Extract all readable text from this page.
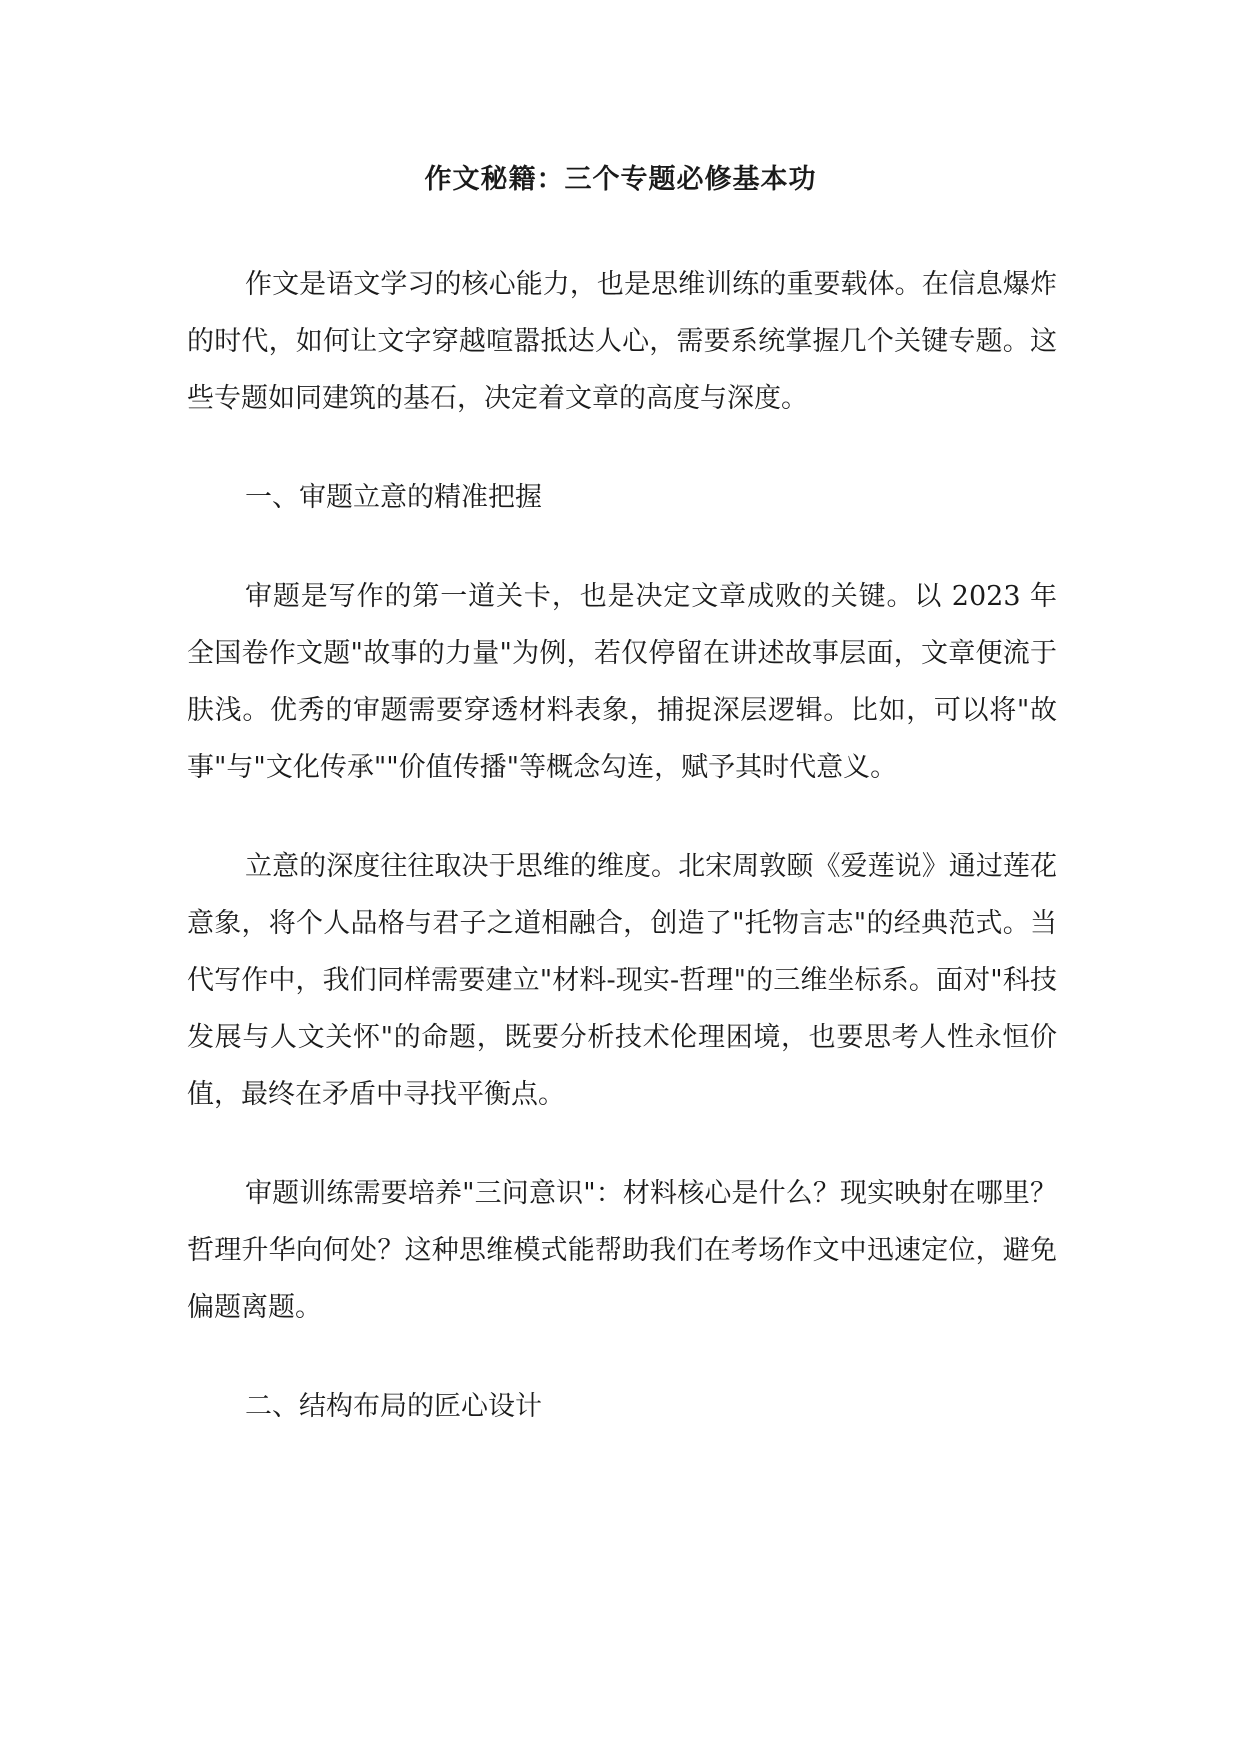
作文秘籍：三个专题必修基本功

作文是语文学习的核心能力，也是思维训练的重要载体。在信息爆炸的时代，如何让文字穿越喧嚣抵达人心，需要系统掌握几个关键专题。这些专题如同建筑的基石，决定着文章的高度与深度。

一、审题立意的精准把握

审题是写作的第一道关卡，也是决定文章成败的关键。以 2023 年全国卷作文题"故事的力量"为例，若仅停留在讲述故事层面，文章便流于肤浅。优秀的审题需要穿透材料表象，捕捉深层逻辑。比如，可以将"故事"与"文化传承""价值传播"等概念勾连，赋予其时代意义。

立意的深度往往取决于思维的维度。北宋周敦颐《爱莲说》通过莲花意象，将个人品格与君子之道相融合，创造了"托物言志"的经典范式。当代写作中，我们同样需要建立"材料-现实-哲理"的三维坐标系。面对"科技发展与人文关怀"的命题，既要分析技术伦理困境，也要思考人性永恒价值，最终在矛盾中寻找平衡点。

审题训练需要培养"三问意识"：材料核心是什么？现实映射在哪里？哲理升华向何处？这种思维模式能帮助我们在考场作文中迅速定位，避免偏题离题。

二、结构布局的匠心设计
